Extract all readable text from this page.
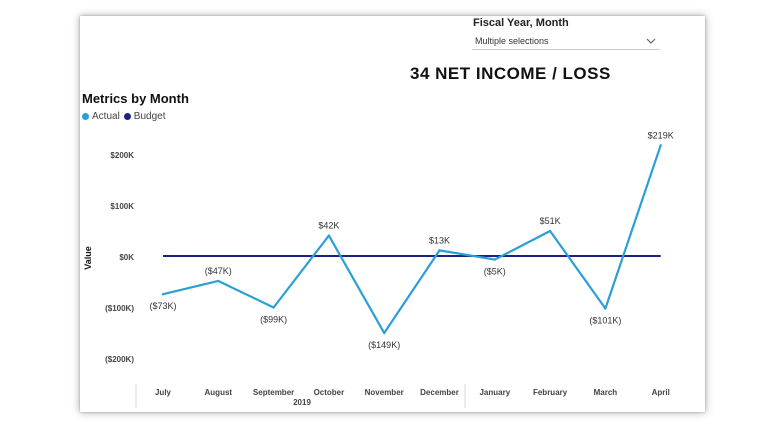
Fiscal Year, Month
Multiple selections
34 NET INCOME / LOSS
Metrics by Month
Actual Budget
$200K
$100K
$0K
($100K)
($200K)
Value
July	August	September October	November December	January	February	March	April
2019
($73K)
($47K)
($99K)
$42K
($149K)
$13K
($5K)
$51K
($101K)
$219K
